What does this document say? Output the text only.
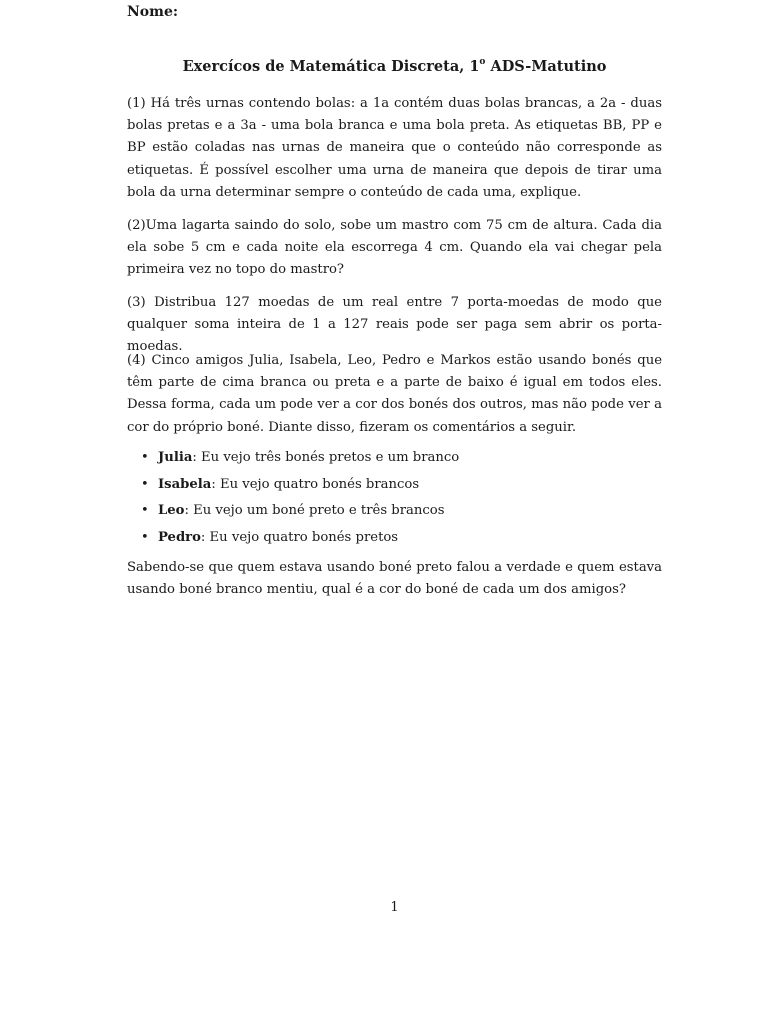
Nome:
Exercícos de Matemática Discreta, 1$^o$ ADS-Matutino
(1) Há três urnas contendo bolas: a 1a contém duas bolas brancas, a 2a - duas bolas pretas e a 3a - uma bola branca e uma bola preta. As etiquetas BB, PP e BP estão coladas nas urnas de maneira que o conteúdo não corresponde as etiquetas. É possível escolher uma urna de maneira que depois de tirar uma bola da urna determinar sempre o conteúdo de cada uma, explique.
(2)Uma lagarta saindo do solo, sobe um mastro com 75 cm de altura. Cada dia ela sobe 5 cm e cada noite ela escorrega 4 cm. Quando ela vai chegar pela primeira vez no topo do mastro?
(3) Distribua 127 moedas de um real entre 7 porta-moedas de modo que qualquer soma inteira de 1 a 127 reais pode ser paga sem abrir os porta-moedas.
(4) Cinco amigos Julia, Isabela, Leo, Pedro e Markos estão usando bonés que têm parte de cima branca ou preta e a parte de baixo é igual em todos eles. Dessa forma, cada um pode ver a cor dos bonés dos outros, mas não pode ver a cor do próprio boné. Diante disso, fizeram os comentários a seguir.
• Julia: Eu vejo três bonés pretos e um branco
• Isabela: Eu vejo quatro bonés brancos
• Leo: Eu vejo um boné preto e três brancos
• Pedro: Eu vejo quatro bonés pretos
Sabendo-se que quem estava usando boné preto falou a verdade e quem estava usando boné branco mentiu, qual é a cor do boné de cada um dos amigos?
1
